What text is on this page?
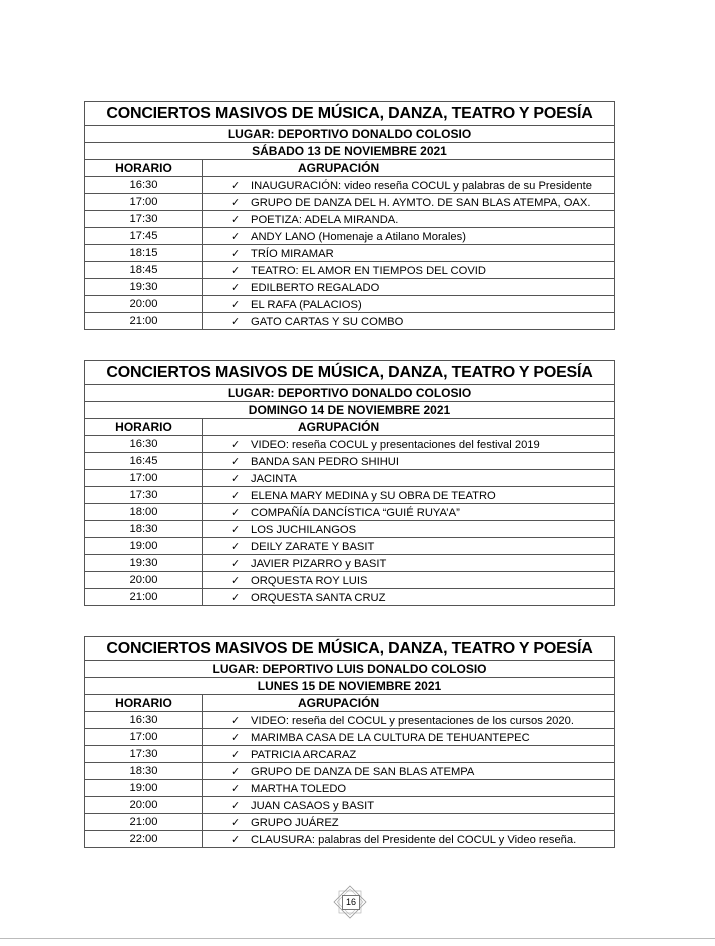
CONCIERTOS MASIVOS DE MÚSICA, DANZA, TEATRO Y POESÍA	
LUGAR: DEPORTIVO DONALDO COLOSIO	
SÁBADO 13 DE NOVIEMBRE 2021	
HORARIO	AGRUPACIÓN
16:30	✓ INAUGURACIÓN: video reseña COCUL y palabras de su Presidente
17:00	✓ GRUPO DE DANZA DEL H. AYMTO. DE SAN BLAS ATEMPA, OAX.
17:30	✓ POETIZA: ADELA MIRANDA.
17:45	✓ ANDY LANO (Homenaje a Atilano Morales)
18:15	✓ TRÍO MIRAMAR
18:45	✓ TEATRO: EL AMOR EN TIEMPOS DEL COVID
19:30	✓ EDILBERTO REGALADO
20:00	✓ EL RAFA (PALACIOS)
21:00	✓ GATO CARTAS Y SU COMBO
CONCIERTOS MASIVOS DE MÚSICA, DANZA, TEATRO Y POESÍA	
LUGAR: DEPORTIVO DONALDO COLOSIO	
DOMINGO 14 DE NOVIEMBRE 2021	
HORARIO	AGRUPACIÓN
16:30	✓ VIDEO: reseña COCUL y presentaciones del festival 2019
16:45	✓ BANDA SAN PEDRO SHIHUI
17:00	✓ JACINTA
17:30	✓ ELENA MARY MEDINA y SU OBRA DE TEATRO
18:00	✓ COMPAÑÍA DANCÍSTICA “GUIÉ RUYA’A”
18:30	✓ LOS JUCHILANGOS
19:00	✓ DEILY ZARATE Y BASIT
19:30	✓ JAVIER PIZARRO y BASIT
20:00	✓ ORQUESTA ROY LUIS
21:00	✓ ORQUESTA SANTA CRUZ
CONCIERTOS MASIVOS DE MÚSICA, DANZA, TEATRO Y POESÍA	
LUGAR: DEPORTIVO LUIS DONALDO COLOSIO	
LUNES 15 DE NOVIEMBRE 2021	
HORARIO	AGRUPACIÓN
16:30	✓ VIDEO: reseña del COCUL y presentaciones de los cursos 2020.
17:00	✓ MARIMBA CASA DE LA CULTURA DE TEHUANTEPEC
17:30	✓ PATRICIA ARCARAZ
18:30	✓ GRUPO DE DANZA DE SAN BLAS ATEMPA
19:00	✓ MARTHA TOLEDO
20:00	✓ JUAN CASAOS y BASIT
21:00	✓ GRUPO JUÁREZ
22:00	✓ CLAUSURA: palabras del Presidente del COCUL y Video reseña.
16
